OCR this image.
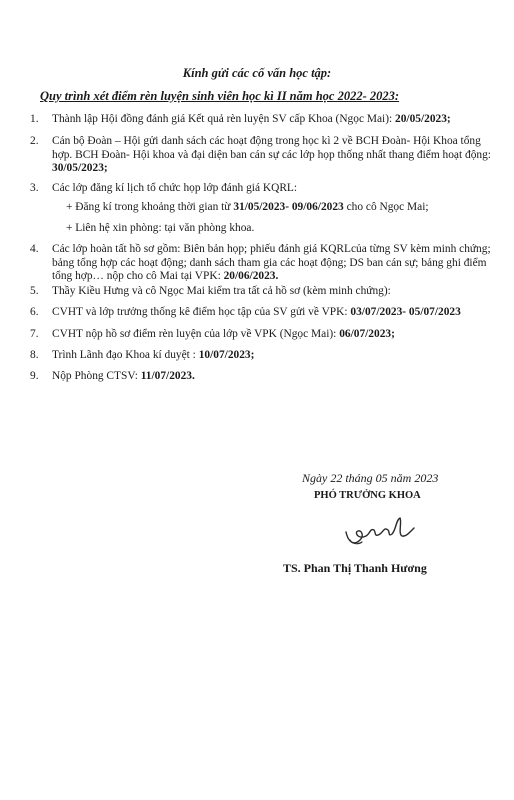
Kính gửi các cố vấn học tập:
Quy trình xét điểm rèn luyện sinh viên học kì II năm học 2022- 2023:
1. Thành lập Hội đồng đánh giá Kết quả rèn luyện SV cấp Khoa (Ngọc Mai): 20/05/2023;
2. Cán bộ Đoàn – Hội gửi danh sách các hoạt động trong học kì 2 về BCH Đoàn- Hội Khoa tổng hợp. BCH Đoàn- Hội khoa và đại diện ban cán sự các lớp họp thống nhất thang điểm hoạt động: 30/05/2023;
3. Các lớp đăng kí lịch tổ chức họp lớp đánh giá KQRL:
+ Đăng kí trong khoảng thời gian từ 31/05/2023- 09/06/2023 cho cô Ngọc Mai;
+ Liên hệ xin phòng: tại văn phòng khoa.
4. Các lớp hoàn tất hồ sơ gồm: Biên bản họp; phiếu đánh giá KQRLcủa từng SV kèm minh chứng; bảng tổng hợp các hoạt động; danh sách tham gia các hoạt động; DS ban cán sự; bảng ghi điểm tổng hợp… nộp cho cô Mai tại VPK: 20/06/2023.
5. Thầy Kiều Hưng và cô Ngọc Mai kiểm tra tất cả hồ sơ (kèm minh chứng):
6. CVHT và lớp trưởng thống kê điểm học tập của SV gửi về VPK: 03/07/2023- 05/07/2023
7. CVHT nộp hồ sơ điểm rèn luyện của lớp về VPK (Ngọc Mai): 06/07/2023;
8. Trình Lãnh đạo Khoa kí duyệt : 10/07/2023;
9. Nộp Phòng CTSV: 11/07/2023.
Ngày 22 tháng 05 năm 2023
PHÓ TRƯỞNG KHOA
TS. Phan Thị Thanh Hương
